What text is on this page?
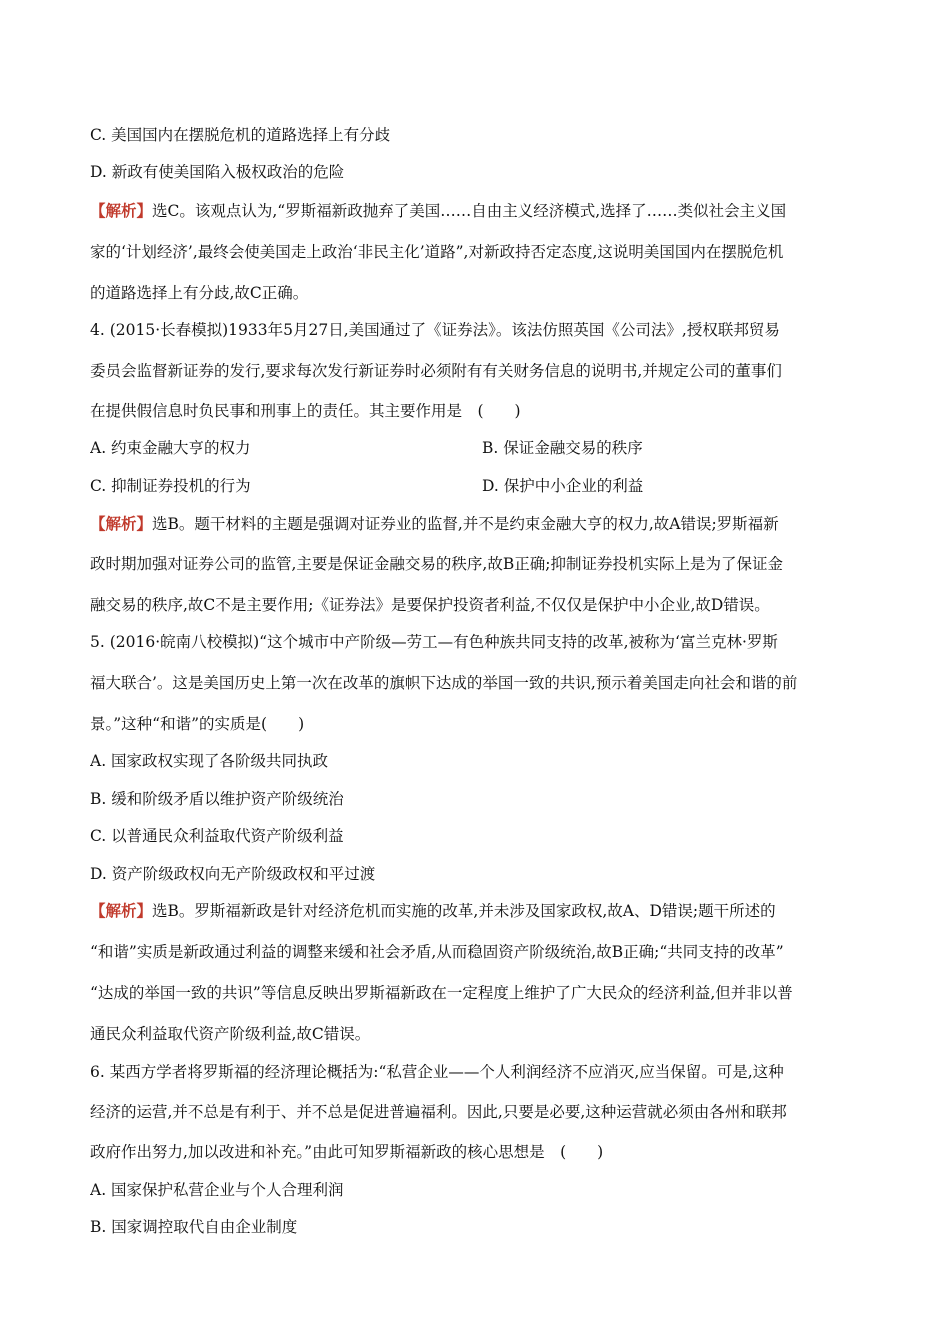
C. 美国国内在摆脱危机的道路选择上有分歧
D. 新政有使美国陷入极权政治的危险
【解析】选C。该观点认为,“罗斯福新政抛弃了美国……自由主义经济模式,选择了……类似社会主义国
家的‘计划经济’,最终会使美国走上政治‘非民主化’道路”,对新政持否定态度,这说明美国国内在摆脱危机
的道路选择上有分歧,故C正确。
4. (2015·长春模拟)1933年5月27日,美国通过了《证券法》。该法仿照英国《公司法》,授权联邦贸易
委员会监督新证券的发行,要求每次发行新证券时必须附有有关财务信息的说明书,并规定公司的董事们
在提供假信息时负民事和刑事上的责任。其主要作用是　(　　)
A. 约束金融大亨的权力	B. 保证金融交易的秩序
C. 抑制证券投机的行为	D. 保护中小企业的利益
【解析】选B。题干材料的主题是强调对证券业的监督,并不是约束金融大亨的权力,故A错误;罗斯福新
政时期加强对证券公司的监管,主要是保证金融交易的秩序,故B正确;抑制证券投机实际上是为了保证金
融交易的秩序,故C不是主要作用;《证券法》是要保护投资者利益,不仅仅是保护中小企业,故D错误。
5. (2016·皖南八校模拟)“这个城市中产阶级—劳工—有色种族共同支持的改革,被称为‘富兰克林·罗斯
福大联合’。这是美国历史上第一次在改革的旗帜下达成的举国一致的共识,预示着美国走向社会和谐的前
景。”这种“和谐”的实质是(　　)
A. 国家政权实现了各阶级共同执政
B. 缓和阶级矛盾以维护资产阶级统治
C. 以普通民众利益取代资产阶级利益
D. 资产阶级政权向无产阶级政权和平过渡
【解析】选B。罗斯福新政是针对经济危机而实施的改革,并未涉及国家政权,故A、D错误;题干所述的
“和谐”实质是新政通过利益的调整来缓和社会矛盾,从而稳固资产阶级统治,故B正确;“共同支持的改革”
“达成的举国一致的共识”等信息反映出罗斯福新政在一定程度上维护了广大民众的经济利益,但并非以普
通民众利益取代资产阶级利益,故C错误。
6. 某西方学者将罗斯福的经济理论概括为:“私营企业——个人利润经济不应消灭,应当保留。可是,这种
经济的运营,并不总是有利于、并不总是促进普遍福利。因此,只要是必要,这种运营就必须由各州和联邦
政府作出努力,加以改进和补充。”由此可知罗斯福新政的核心思想是　(　　)
A. 国家保护私营企业与个人合理利润
B. 国家调控取代自由企业制度
